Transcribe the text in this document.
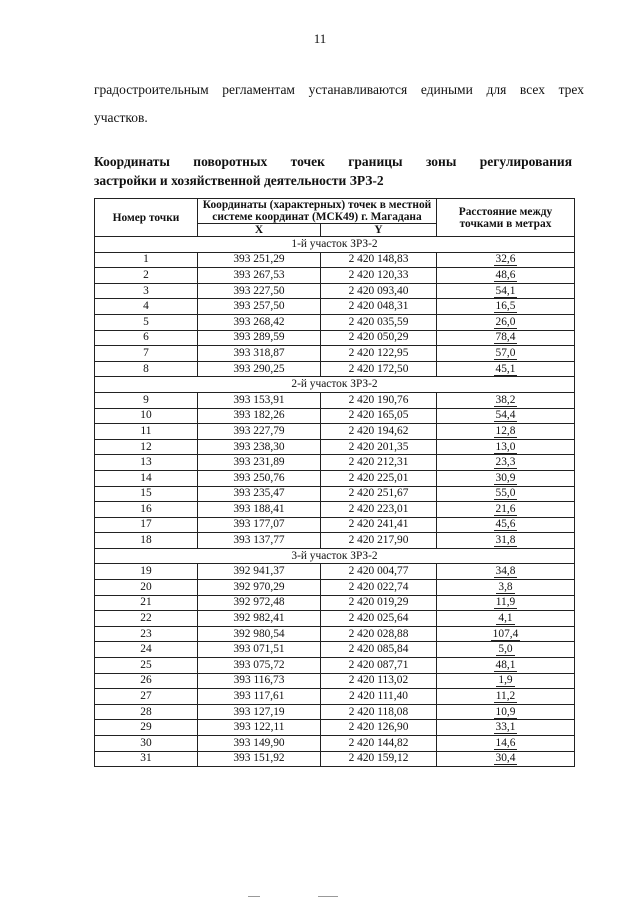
11
градостроительным регламентам устанавливаются едиными для всех трех
участков.
Координаты поворотных точек границы зоны регулирования
застройки и хозяйственной деятельности ЗРЗ-2
Номер точки	Координаты (характерных) точек в местной системе координат (МСК49) г. Магадана		Расстояние между точками в метрах
	X	Y	
1-й участок ЗРЗ-2			
1	393 251,29	2 420 148,83	32,6
2	393 267,53	2 420 120,33	48,6
3	393 227,50	2 420 093,40	54,1
4	393 257,50	2 420 048,31	16,5
5	393 268,42	2 420 035,59	26,0
6	393 289,59	2 420 050,29	78,4
7	393 318,87	2 420 122,95	57,0
8	393 290,25	2 420 172,50	45,1
2-й участок ЗРЗ-2			
9	393 153,91	2 420 190,76	38,2
10	393 182,26	2 420 165,05	54,4
11	393 227,79	2 420 194,62	12,8
12	393 238,30	2 420 201,35	13,0
13	393 231,89	2 420 212,31	23,3
14	393 250,76	2 420 225,01	30,9
15	393 235,47	2 420 251,67	55,0
16	393 188,41	2 420 223,01	21,6
17	393 177,07	2 420 241,41	45,6
18	393 137,77	2 420 217,90	31,8
3-й участок ЗРЗ-2			
19	392 941,37	2 420 004,77	34,8
20	392 970,29	2 420 022,74	3,8
21	392 972,48	2 420 019,29	11,9
22	392 982,41	2 420 025,64	4,1
23	392 980,54	2 420 028,88	107,4
24	393 071,51	2 420 085,84	5,0
25	393 075,72	2 420 087,71	48,1
26	393 116,73	2 420 113,02	1,9
27	393 117,61	2 420 111,40	11,2
28	393 127,19	2 420 118,08	10,9
29	393 122,11	2 420 126,90	33,1
30	393 149,90	2 420 144,82	14,6
31	393 151,92	2 420 159,12	30,4
